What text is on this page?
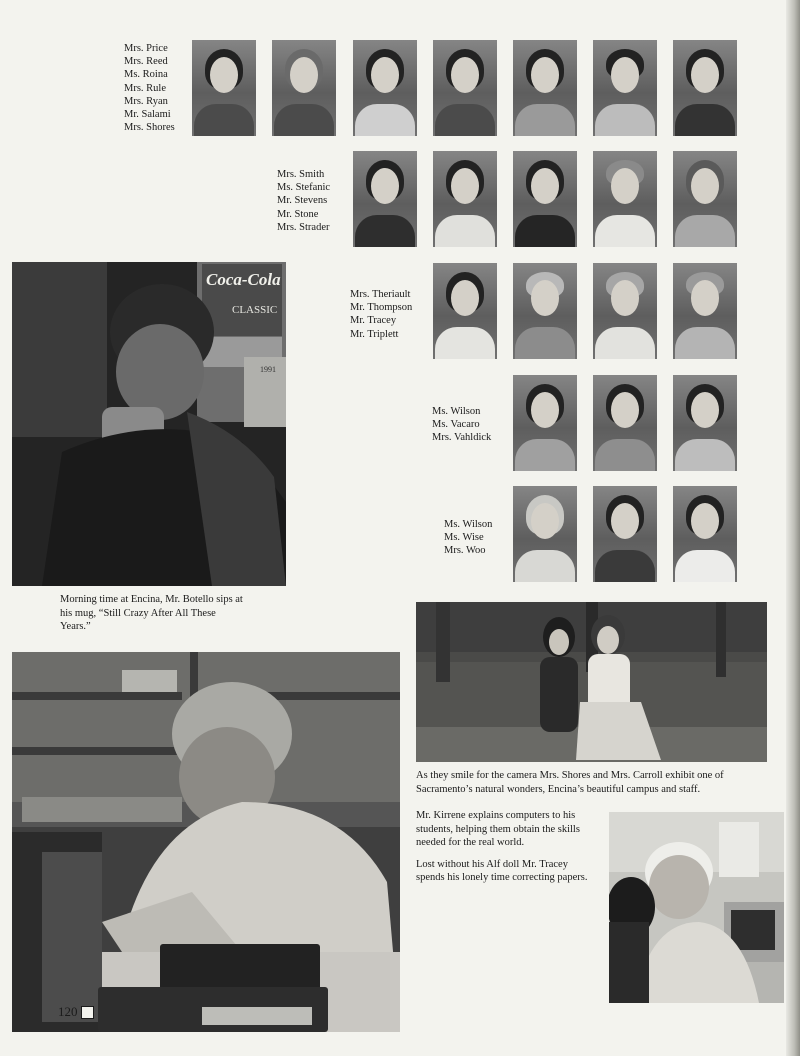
Mrs. Price
Mrs. Reed
Ms. Roina
Mrs. Rule
Mrs. Ryan
Mr. Salami
Mrs. Shores
Mrs. Smith
Ms. Stefanic
Mr. Stevens
Mr. Stone
Mrs. Strader
Mrs. Theriault
Mr. Thompson
Mr. Tracey
Mr. Triplett
Ms. Wilson
Ms. Vacaro
Mrs. Vahldick
Ms. Wilson
Ms. Wise
Mrs. Woo
Coca-Cola
CLASSIC
1991
Morning time at Encina, Mr. Botello sips at his mug, “Still Crazy After All These Years.”
As they smile for the camera Mrs. Shores and Mrs. Carroll exhibit one of Sacramento’s natural wonders, Encina’s beautiful campus and staff.

Mr. Kirrene explains computers to his students, helping them obtain the skills needed for the real world.

Lost without his Alf doll Mr. Tracey spends his lonely time correcting papers.

120
